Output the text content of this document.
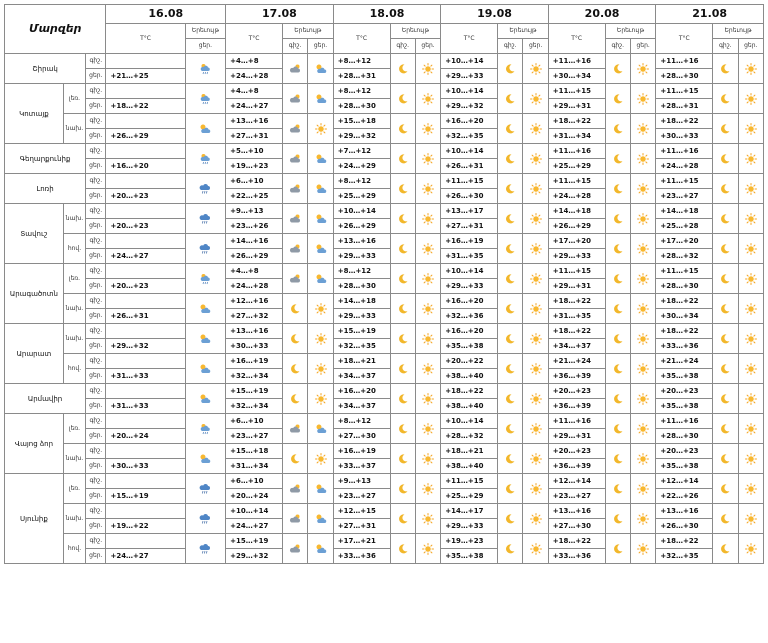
Մարզեր			16.08		17.08			18.08			19.08			20.08			21.08		
			T°C	Երեւույթ	T°C	Երեւույթ		T°C	Երեւույթ		T°C	Երեւույթ		T°C	Երեւույթ		T°C	Երեւույթ	
				ցեր.		գիշ.	ցեր.		գիշ.	ցեր.		գիշ.	ցեր.		գիշ.	ցեր.		գիշ.	ցեր.
Շիրակ		գիշ.			+4…+8			+8…+12			+10…+14			+11…+16			+11…+16	

		ցեր.	+21…+25		+24…+28			+28…+31			+29…+33			+30…+34			+28…+30		
Կոտայք	լեռ.	գիշ.			+4…+8			+8…+12			+10…+14			+11…+15			+11…+15	

		ցեր.	+18…+22		+24…+27			+28…+30			+29…+32			+29…+31			+28…+31		
	նախ.	գիշ.			+13…+16			+15…+18			+16…+20			+18…+22			+18…+22	

		ցեր.	+26…+29		+27…+31			+29…+32			+32…+35			+31…+34			+30…+33		
Գեղարքունիք		գիշ.			+5…+10			+7…+12			+10…+14			+11…+16			+11…+16	

		ցեր.	+16…+20		+19…+23			+24…+29			+26…+31			+25…+29			+24…+28		
Լոռի		գիշ.			+6…+10			+8…+12			+11…+15			+11…+15			+11…+15	

		ցեր.	+20…+23		+22…+25			+25…+29			+26…+30			+24…+28			+23…+27		
Տավուշ	նախ.	գիշ.			+9…+13			+10…+14			+13…+17			+14…+18			+14…+18	

		ցեր.	+20…+23		+23…+26			+26…+29			+27…+31			+26…+29			+25…+28		
	հով.	գիշ.			+14…+16			+13…+16			+16…+19			+17…+20			+17…+20	

		ցեր.	+24…+27		+26…+29			+29…+33			+31…+35			+29…+33			+28…+32		
Արագածոտն	լեռ.	գիշ.			+4…+8			+8…+12			+10…+14			+11…+15			+11…+15	

		ցեր.	+20…+23		+24…+28			+28…+30			+29…+33			+29…+31			+28…+30		
	նախ.	գիշ.			+12…+16			+14…+18			+16…+20			+18…+22			+18…+22	

		ցեր.	+26…+31		+27…+32			+29…+33			+32…+36			+31…+35			+30…+34		
Արարատ	նախ.	գիշ.			+13…+16			+15…+19			+16…+20			+18…+22			+18…+22	

		ցեր.	+29…+32		+30…+33			+32…+35			+35…+38			+34…+37			+33…+36		
	հով.	գիշ.			+16…+19			+18…+21			+20…+22			+21…+24			+21…+24	

		ցեր.	+31…+33		+32…+34			+34…+37			+38…+40			+36…+39			+35…+38		
Արմավիր		գիշ.			+15…+19			+16…+20			+18…+22			+20…+23			+20…+23	

		ցեր.	+31…+33		+32…+34			+34…+37			+38…+40			+36…+39			+35…+38		
Վայոց ձոր	լեռ.	գիշ.			+6…+10			+8…+12			+10…+14			+11…+16			+11…+16	

		ցեր.	+20…+24		+23…+27			+27…+30			+28…+32			+29…+31			+28…+30		
	նախ.	գիշ.			+15…+18			+16…+19			+18…+21			+20…+23			+20…+23	

		ցեր.	+30…+33		+31…+34			+33…+37			+38…+40			+36…+39			+35…+38		
Սյունիք	լեռ.	գիշ.			+6…+10			+9…+13			+11…+15			+12…+14			+12…+14	

		ցեր.	+15…+19		+20…+24			+23…+27			+25…+29			+23…+27			+22…+26		
	նախ.	գիշ.			+10…+14			+12…+15			+14…+17			+13…+16			+13…+16	

		ցեր.	+19…+22		+24…+27			+27…+31			+29…+33			+27…+30			+26…+30		
	հով.	գիշ.			+15…+19			+17…+21			+19…+23			+18…+22			+18…+22	

		ցեր.	+24…+27		+29…+32			+33…+36			+35…+38			+33…+36			+32…+35		
